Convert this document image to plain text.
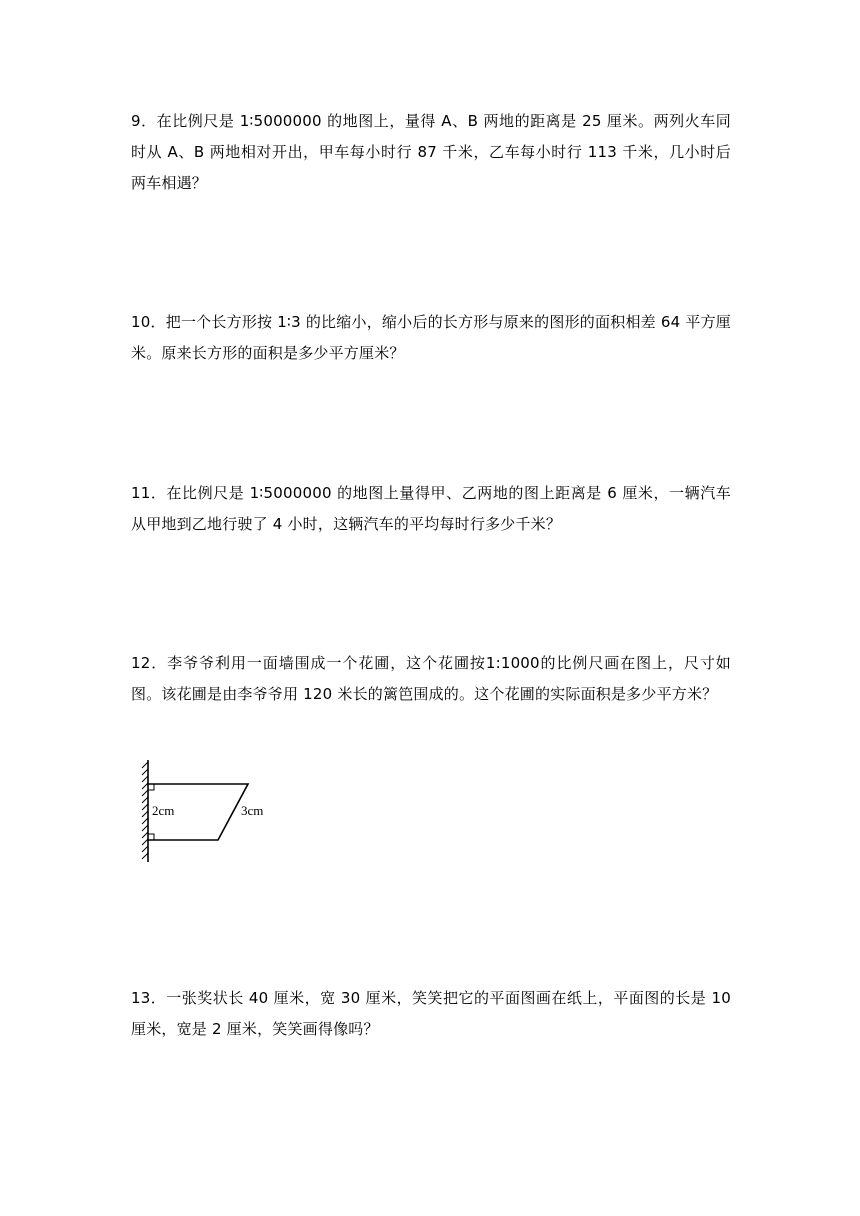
9．在比例尺是 1∶5000000 的地图上，量得 A、B 两地的距离是 25 厘米。两列火车同时从 A、B 两地相对开出，甲车每小时行 87 千米，乙车每小时行 113 千米，几小时后两车相遇？

10．把一个长方形按 1∶3 的比缩小，缩小后的长方形与原来的图形的面积相差 64 平方厘米。原来长方形的面积是多少平方厘米？

11．在比例尺是 1∶5000000 的地图上量得甲、乙两地的图上距离是 6 厘米，一辆汽车从甲地到乙地行驶了 4 小时，这辆汽车的平均每时行多少千米？

12．李爷爷利用一面墙围成一个花圃，这个花圃按1:1000的比例尺画在图上，尺寸如图。该花圃是由李爷爷用 120 米长的篱笆围成的。这个花圃的实际面积是多少平方米？

2cm	3cm

13．一张奖状长 40 厘米，宽 30 厘米，笑笑把它的平面图画在纸上，平面图的长是 10 厘米，宽是 2 厘米，笑笑画得像吗？
